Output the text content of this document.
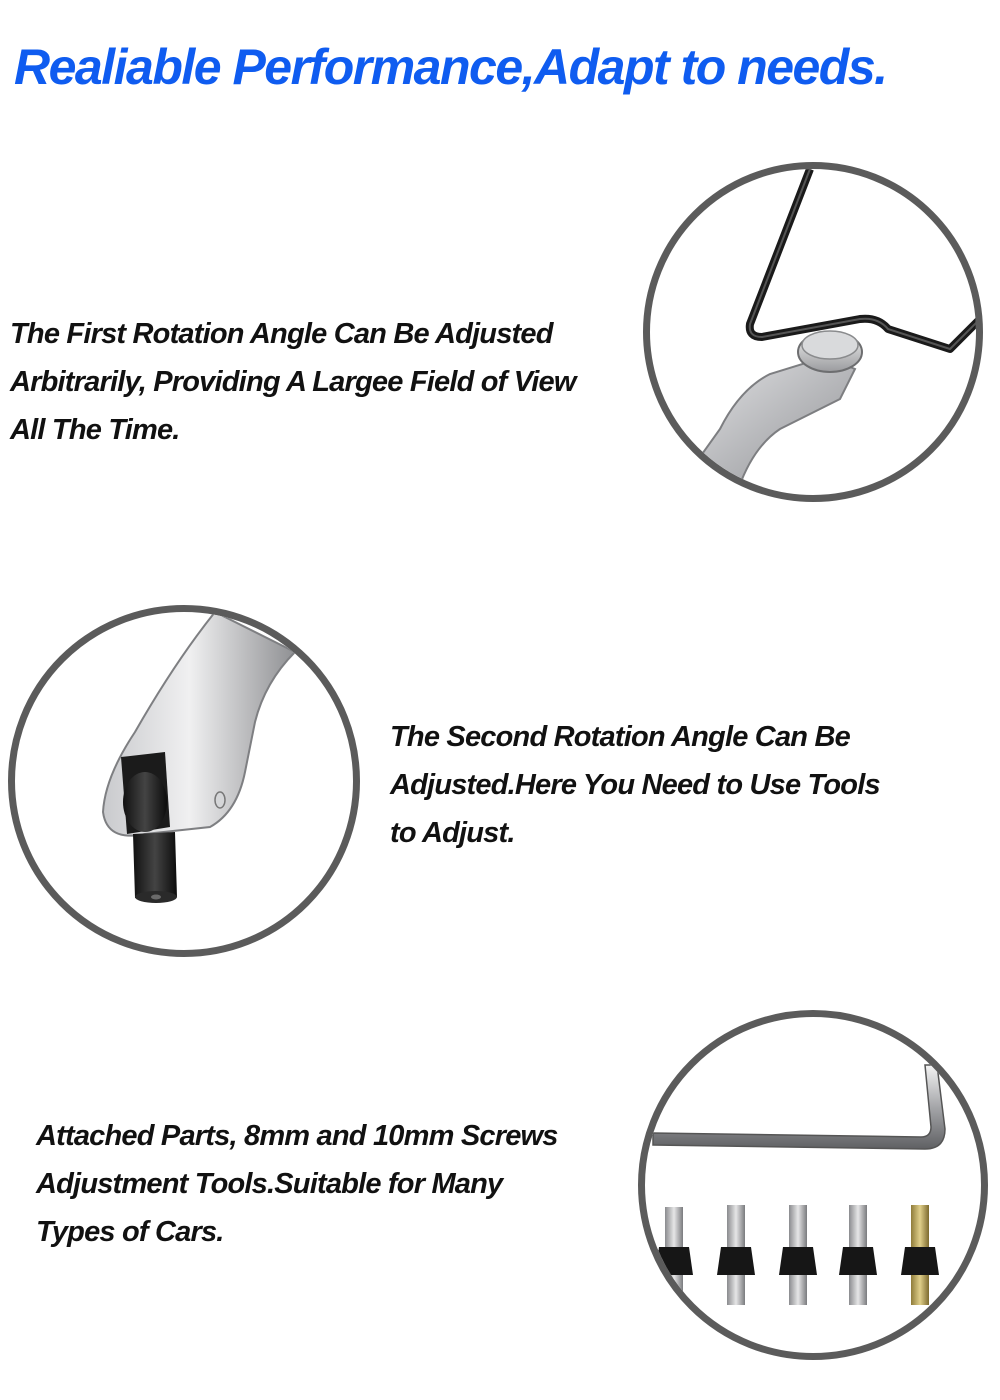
Realiable Performance,Adapt to needs.

The First Rotation Angle Can Be Adjusted

Arbitrarily, Providing A Largee Field of View

All The Time.

The Second Rotation Angle Can Be

Adjusted.Here You Need to Use Tools

to Adjust.

Attached Parts, 8mm and 10mm Screws

Adjustment Tools.Suitable for Many

Types of Cars.
